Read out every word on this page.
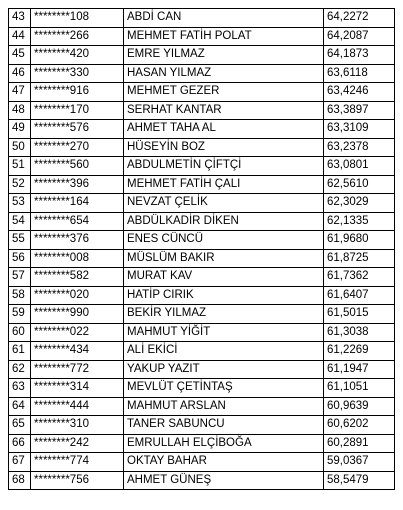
43	********108	ABDİ CAN	64,2272
44	********266	MEHMET FATİH POLAT	64,2087
45	********420	EMRE YILMAZ	64,1873
46	********330	HASAN YILMAZ	63,6118
47	********916	MEHMET GEZER	63,4246
48	********170	SERHAT KANTAR	63,3897
49	********576	AHMET TAHA AL	63,3109
50	********270	HÜSEYİN BOZ	63,2378
51	********560	ABDULMETİN ÇİFTÇİ	63,0801
52	********396	MEHMET FATİH ÇALI	62,5610
53	********164	NEVZAT ÇELİK	62,3029
54	********654	ABDÜLKADİR DİKEN	62,1335
55	********376	ENES CÜNCÜ	61,9680
56	********008	MÜSLÜM BAKIR	61,8725
57	********582	MURAT KAV	61,7362
58	********020	HATİP CIRIK	61,6407
59	********990	BEKİR YILMAZ	61,5015
60	********022	MAHMUT YİĞİT	61,3038
61	********434	ALİ EKİCİ	61,2269
62	********772	YAKUP YAZIT	61,1947
63	********314	MEVLÜT ÇETİNTAŞ	61,1051
64	********444	MAHMUT ARSLAN	60,9639
65	********310	TANER SABUNCU	60,6202
66	********242	EMRULLAH ELÇİBOĞA	60,2891
67	********774	OKTAY BAHAR	59,0367
68	********756	AHMET GÜNEŞ	58,5479
